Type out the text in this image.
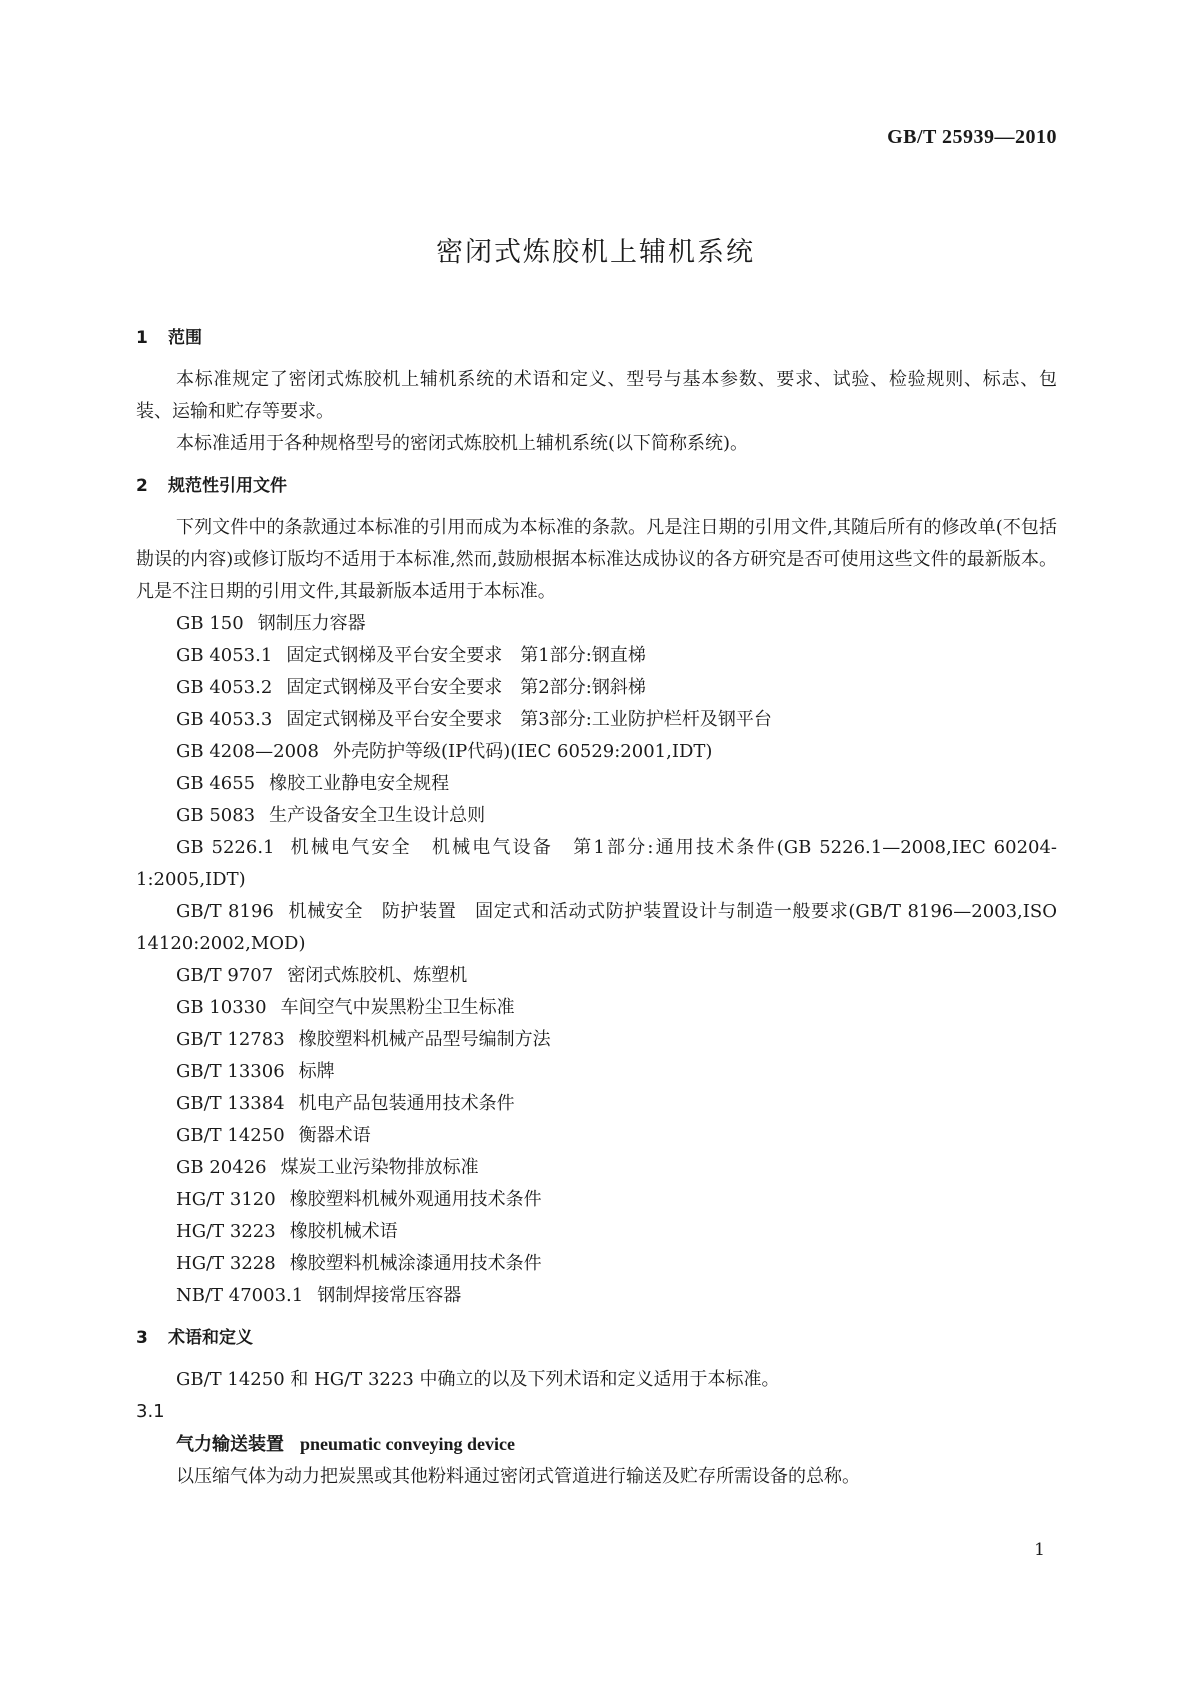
GB/T 25939—2010
密闭式炼胶机上辅机系统
1 范围

本标准规定了密闭式炼胶机上辅机系统的术语和定义、型号与基本参数、要求、试验、检验规则、标志、包装、运输和贮存等要求。

本标准适用于各种规格型号的密闭式炼胶机上辅机系统(以下简称系统)。

2 规范性引用文件

下列文件中的条款通过本标准的引用而成为本标准的条款。凡是注日期的引用文件,其随后所有的修改单(不包括勘误的内容)或修订版均不适用于本标准,然而,鼓励根据本标准达成协议的各方研究是否可使用这些文件的最新版本。凡是不注日期的引用文件,其最新版本适用于本标准。

GB 150 钢制压力容器
GB 4053.1 固定式钢梯及平台安全要求　第1部分:钢直梯
GB 4053.2 固定式钢梯及平台安全要求　第2部分:钢斜梯
GB 4053.3 固定式钢梯及平台安全要求　第3部分:工业防护栏杆及钢平台
GB 4208—2008 外壳防护等级(IP代码)(IEC 60529:2001,IDT)
GB 4655 橡胶工业静电安全规程
GB 5083 生产设备安全卫生设计总则
GB 5226.1 机械电气安全　机械电气设备　第1部分:通用技术条件(GB 5226.1—2008,IEC 60204-1:2005,IDT)
GB/T 8196 机械安全　防护装置　固定式和活动式防护装置设计与制造一般要求(GB/T 8196—2003,ISO 14120:2002,MOD)
GB/T 9707 密闭式炼胶机、炼塑机
GB 10330 车间空气中炭黑粉尘卫生标准
GB/T 12783 橡胶塑料机械产品型号编制方法
GB/T 13306 标牌
GB/T 13384 机电产品包装通用技术条件
GB/T 14250 衡器术语
GB 20426 煤炭工业污染物排放标准
HG/T 3120 橡胶塑料机械外观通用技术条件
HG/T 3223 橡胶机械术语
HG/T 3228 橡胶塑料机械涂漆通用技术条件
NB/T 47003.1 钢制焊接常压容器
3 术语和定义

GB/T 14250 和 HG/T 3223 中确立的以及下列术语和定义适用于本标准。

3.1

气力输送装置 pneumatic conveying device

以压缩气体为动力把炭黑或其他粉料通过密闭式管道进行输送及贮存所需设备的总称。

1
